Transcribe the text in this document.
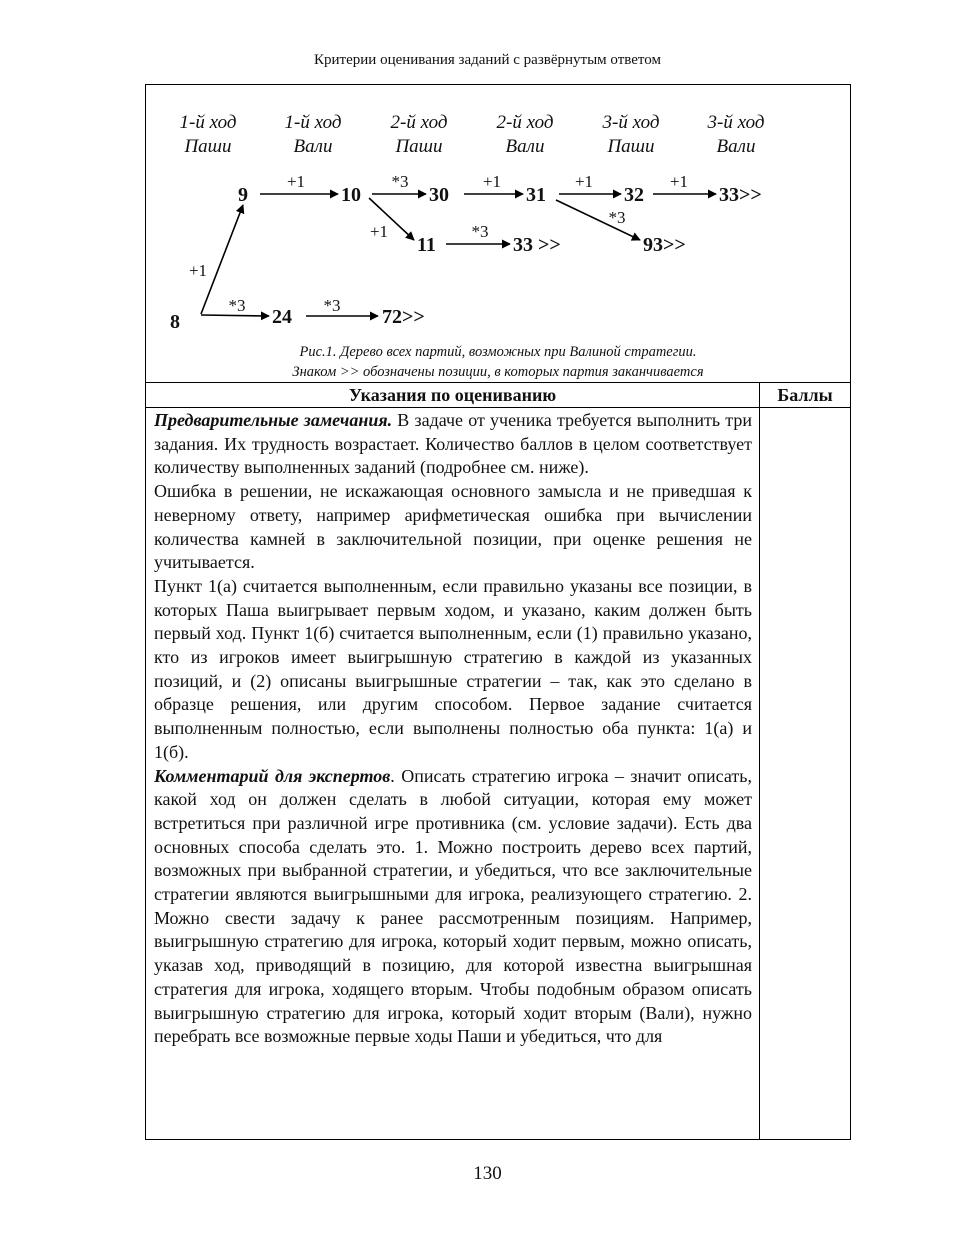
Критерии оценивания заданий с развёрнутым ответом
1-й ход
Паши
1-й ход
Вали
2-й ход
Паши
2-й ход
Вали
3-й ход
Паши
3-й ход
Вали
+1
*3	*3
+1	*3
+1
+1	+1	+1
*3
*3
8
9	10	30	31	32	33>>
11	33 >>	93>>
24	72>>
Рис.1. Дерево всех партий, возможных при Валиной стратегии.
Знаком >> обозначены позиции, в которых партия заканчивается
Указания по оцениванию	Баллы

Предварительные замечания. В задаче от ученика требуется выполнить три задания. Их трудность возрастает. Количество баллов в целом соответствует количеству выполненных заданий (подробнее см. ниже).

Ошибка в решении, не искажающая основного замысла и не приведшая к неверному ответу, например арифметическая ошибка при вычислении количества камней в заключительной позиции, при оценке решения не учитывается.

Пункт 1(а) считается выполненным, если правильно указаны все позиции, в которых Паша выигрывает первым ходом, и указано, каким должен быть первый ход. Пункт 1(б) считается выполненным, если (1) правильно указано, кто из игроков имеет выигрышную стратегию в каждой из указанных позиций, и (2) описаны выигрышные стратегии – так, как это сделано в образце решения, или другим способом. Первое задание считается выполненным полностью, если выполнены полностью оба пункта: 1(а) и 1(б).

Комментарий для экспертов. Описать стратегию игрока – значит описать, какой ход он должен сделать в любой ситуации, которая ему может встретиться при различной игре противника (см. условие задачи). Есть два основных способа сделать это. 1. Можно построить дерево всех партий, возможных при выбранной стратегии, и убедиться, что все заключительные стратегии являются выигрышными для игрока, реализующего стратегию. 2. Можно свести задачу к ранее рассмотренным позициям. Например, выигрышную стратегию для игрока, который ходит первым, можно описать, указав ход, приводящий в позицию, для которой известна выигрышная стратегия для игрока, ходящего вторым. Чтобы подобным образом описать выигрышную стратегию для игрока, который ходит вторым (Вали), нужно перебрать все возможные первые ходы Паши и убедиться, что для

130
